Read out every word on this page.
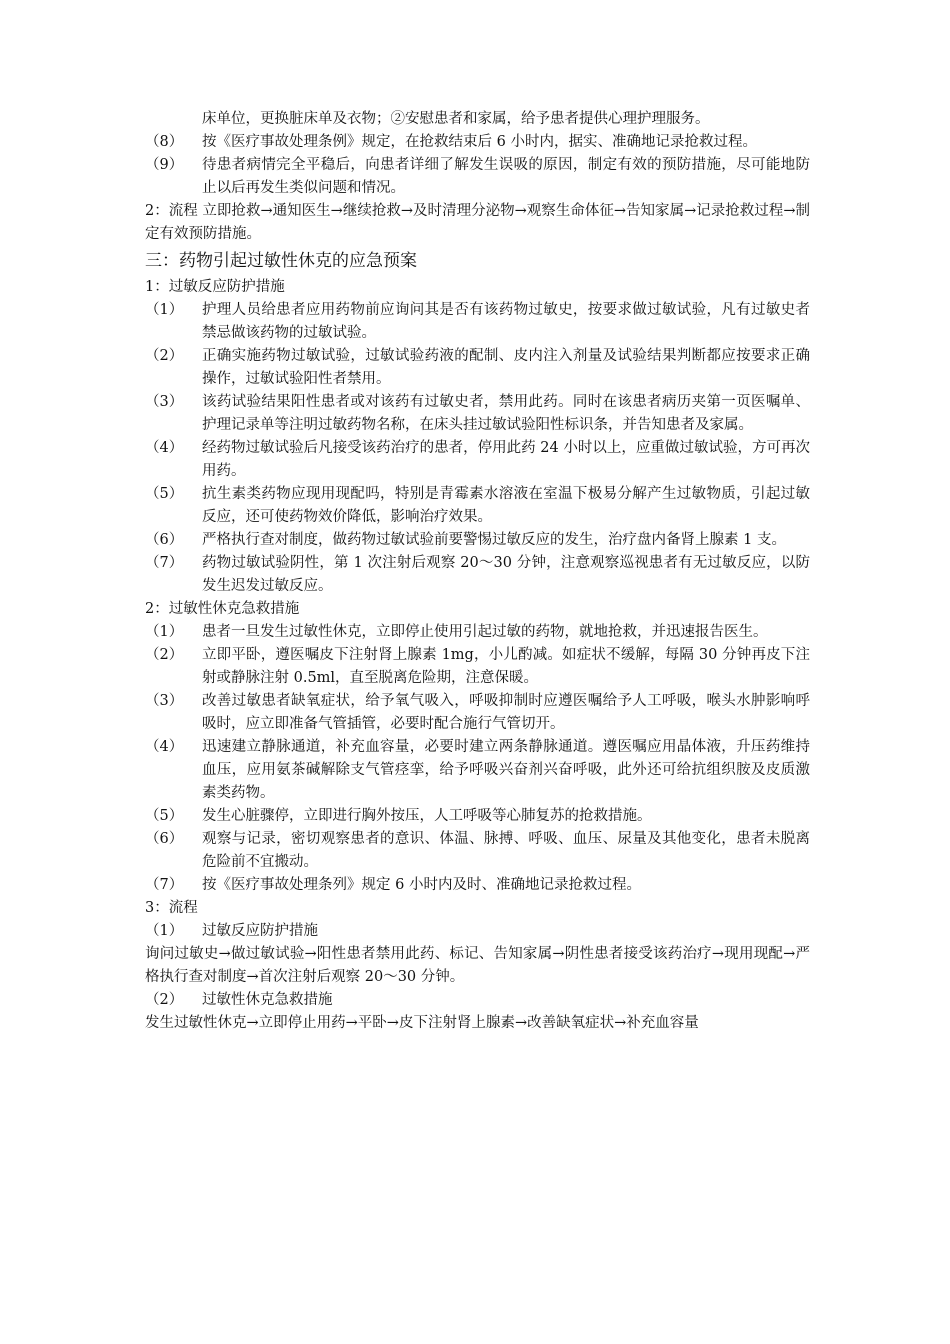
床单位，更换脏床单及衣物；②安慰患者和家属，给予患者提供心理护理服务。
（8）	按《医疗事故处理条例》规定，在抢救结束后 6 小时内，据实、准确地记录抢救过程。
（9）	待患者病情完全平稳后，向患者详细了解发生误吸的原因，制定有效的预防措施，尽可能地防止以后再发生类似问题和情况。
2：流程 立即抢救→通知医生→继续抢救→及时清理分泌物→观察生命体征→告知家属→记录抢救过程→制定有效预防措施。
三：药物引起过敏性休克的应急预案
1：过敏反应防护措施
（1）	护理人员给患者应用药物前应询问其是否有该药物过敏史，按要求做过敏试验，凡有过敏史者禁忌做该药物的过敏试验。
（2）	正确实施药物过敏试验，过敏试验药液的配制、皮内注入剂量及试验结果判断都应按要求正确操作，过敏试验阳性者禁用。
（3）	该药试验结果阳性患者或对该药有过敏史者，禁用此药。同时在该患者病历夹第一页医嘱单、护理记录单等注明过敏药物名称，在床头挂过敏试验阳性标识条，并告知患者及家属。
（4）	经药物过敏试验后凡接受该药治疗的患者，停用此药 24 小时以上，应重做过敏试验，方可再次用药。
（5）	抗生素类药物应现用现配吗，特别是青霉素水溶液在室温下极易分解产生过敏物质，引起过敏反应，还可使药物效价降低，影响治疗效果。
（6）	严格执行查对制度，做药物过敏试验前要警惕过敏反应的发生，治疗盘内备肾上腺素 1 支。
（7）	药物过敏试验阴性，第 1 次注射后观察 20～30 分钟，注意观察巡视患者有无过敏反应，以防发生迟发过敏反应。
2：过敏性休克急救措施
（1）	患者一旦发生过敏性休克，立即停止使用引起过敏的药物，就地抢救，并迅速报告医生。
（2）	立即平卧，遵医嘱皮下注射肾上腺素 1mg，小儿酌减。如症状不缓解，每隔 30 分钟再皮下注射或静脉注射 0.5ml，直至脱离危险期，注意保暖。
（3）	改善过敏患者缺氧症状，给予氧气吸入，呼吸抑制时应遵医嘱给予人工呼吸，喉头水肿影响呼吸时，应立即准备气管插管，必要时配合施行气管切开。
（4）	迅速建立静脉通道，补充血容量，必要时建立两条静脉通道。遵医嘱应用晶体液，升压药维持血压，应用氨茶碱解除支气管痉挛，给予呼吸兴奋剂兴奋呼吸，此外还可给抗组织胺及皮质激素类药物。
（5）	发生心脏骤停，立即进行胸外按压，人工呼吸等心肺复苏的抢救措施。
（6）	观察与记录，密切观察患者的意识、体温、脉搏、呼吸、血压、尿量及其他变化，患者未脱离危险前不宜搬动。
（7）	按《医疗事故处理条列》规定 6 小时内及时、准确地记录抢救过程。
3：流程
（1）	过敏反应防护措施
询问过敏史→做过敏试验→阳性患者禁用此药、标记、告知家属→阴性患者接受该药治疗→现用现配→严格执行查对制度→首次注射后观察 20～30 分钟。
（2）	过敏性休克急救措施
发生过敏性休克→立即停止用药→平卧→皮下注射肾上腺素→改善缺氧症状→补充血容量
